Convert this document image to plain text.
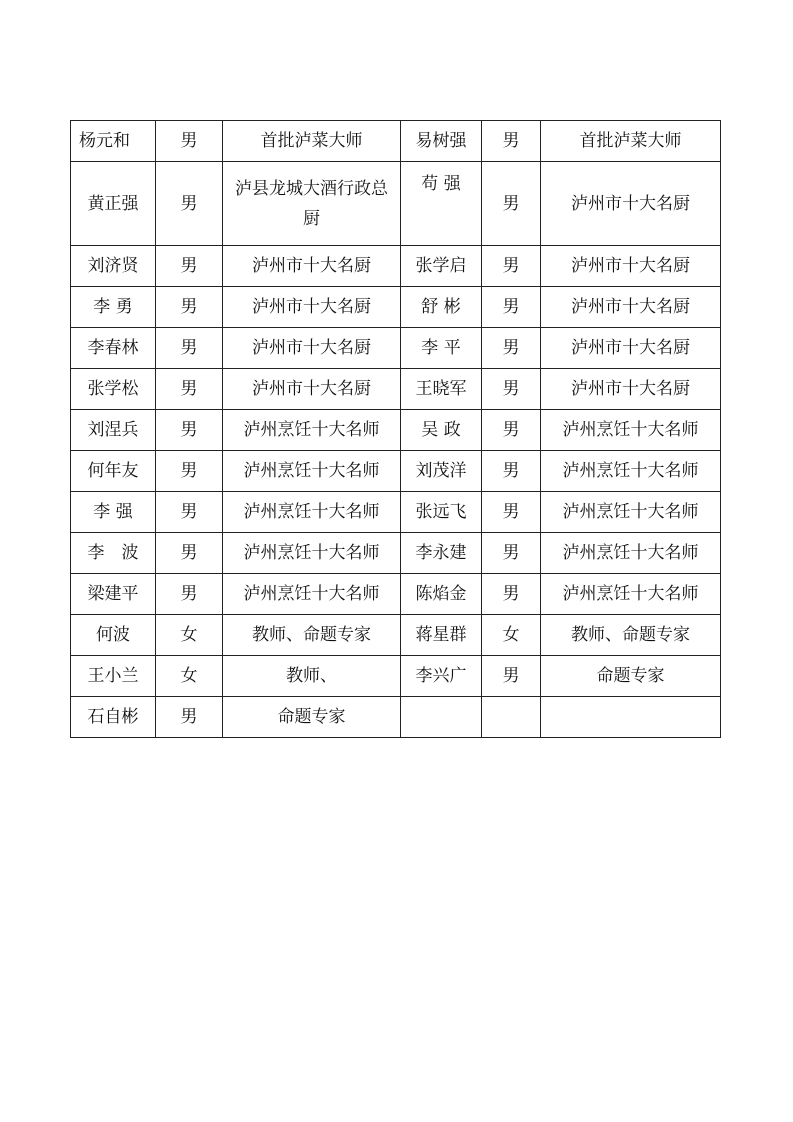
杨元和	男	首批泸菜大师	易树强	男	首批泸菜大师
黄正强	男	泸县龙城大酒行政总厨	苟 强	男	泸州市十大名厨
刘济贤	男	泸州市十大名厨	张学启	男	泸州市十大名厨
李 勇	男	泸州市十大名厨	舒 彬	男	泸州市十大名厨
李春林	男	泸州市十大名厨	李 平	男	泸州市十大名厨
张学松	男	泸州市十大名厨	王晓军	男	泸州市十大名厨
刘涅兵	男	泸州烹饪十大名师	吴 政	男	泸州烹饪十大名师
何年友	男	泸州烹饪十大名师	刘茂洋	男	泸州烹饪十大名师
李 强	男	泸州烹饪十大名师	张远飞	男	泸州烹饪十大名师
李　波	男	泸州烹饪十大名师	李永建	男	泸州烹饪十大名师
梁建平	男	泸州烹饪十大名师	陈焰金	男	泸州烹饪十大名师
何波	女	教师、命题专家	蒋星群	女	教师、命题专家
王小兰	女	教师、	李兴广	男	命题专家
石自彬	男	命题专家			
